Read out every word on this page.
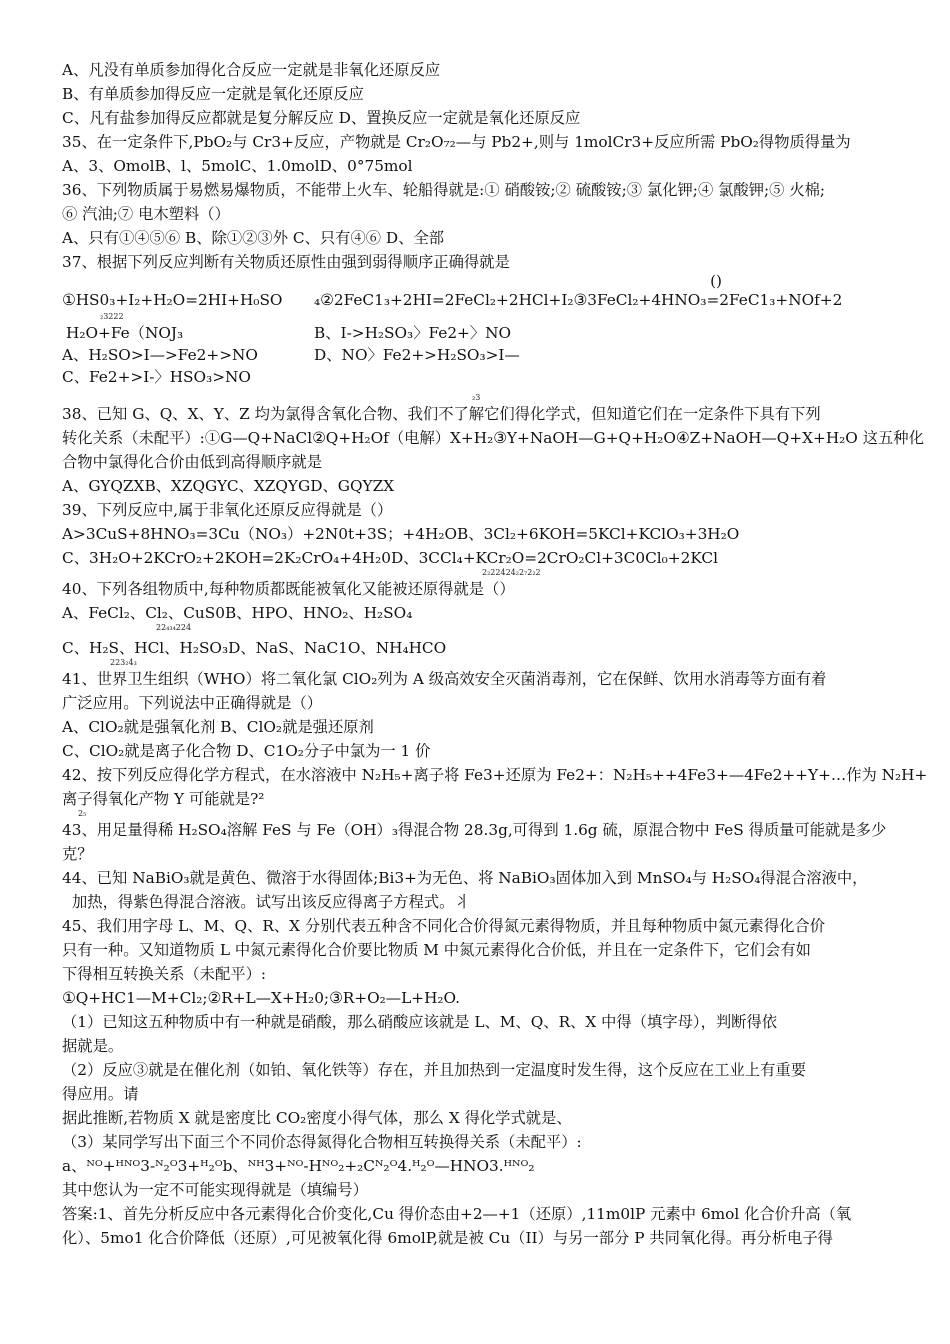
A、凡没有单质参加得化合反应一定就是非氧化还原反应
B、有单质参加得反应一定就是氧化还原反应
C、凡有盐参加得反应都就是复分解反应 D、置换反应一定就是氧化还原反应
35、在一定条件下,PbO₂与 Cr3+反应，产物就是 Cr₂O₇₂—与 Pb2+,则与 1molCr3+反应所需 PbO₂得物质得量为
A、3、OmolB、l、5molC、1.0molD、0°75mol
36、下列物质属于易燃易爆物质，不能带上火车、轮船得就是:① 硝酸铵;② 硫酸铵;③ 氯化钾;④ 氯酸钾;⑤ 火棉;
⑥ 汽油;⑦ 电木塑料（）
A、只有①④⑤⑥ B、除①②③外 C、只有④⑥ D、全部
37、根据下列反应判断有关物质还原性由强到弱得顺序正确得就是
()
①HS0₃+I₂+H₂O=2HI+H₀SO
₂3222
H₂O+Fe（NOJ₃
A、H₂SO>I—>Fe2+>NO
C、Fe2+>I-〉HSO₃>NO
₄②2FeC1₃+2HI=2FeCl₂+2HCl+I₂③3FeCl₂+4HNO₃=2FeC1₃+NOf+2

B、I->H₂SO₃〉Fe2+〉NO
D、NO〉Fe2+>H₂SO₃>I—
₂3
38、已知 G、Q、X、Y、Z 均为氯得含氧化合物、我们不了解它们得化学式，但知道它们在一定条件下具有下列
转化关系（未配平）:①G—Q+NaCl②Q+H₂Of（电解）X+H₂③Y+NaOH—G+Q+H₂O④Z+NaOH—Q+X+H₂O 这五种化
合物中氯得化合价由低到高得顺序就是
A、GYQZXB、XZQGYC、XZQYGD、GQYZX
39、下列反应中,属于非氧化还原反应得就是（）
A>3CuS+8HNO₃=3Cu（NO₃）+2N0t+3S；+4H₂OB、3Cl₂+6KOH=5KCl+KClO₃+3H₂O
C、3H₂O+2KCrO₂+2KOH=2K₂CrO₄+4H₂0D、3CCl₄+KCr₂O=2CrO₂Cl+3C0Cl₀+2KCl
2₂22424₂2₇2₂2
40、下列各组物质中,每种物质都既能被氧化又能被还原得就是（）
A、FeCl₂、Cl₂、CuS0B、HPO、HNO₂、H₂SO₄
22₄₃₄224
C、H₂S、HCl、H₂SO₃D、NaS、NaC1O、NH₄HCO
223₂4₃
41、世界卫生组织（WHO）将二氧化氯 ClO₂列为 A 级高效安全灭菌消毒剂，它在保鲜、饮用水消毒等方面有着
广泛应用。下列说法中正确得就是（）
A、ClO₂就是强氧化剂 B、ClO₂就是强还原剂
C、ClO₂就是离子化合物 D、C1O₂分子中氯为一 1 价
42、按下列反应得化学方程式，在水溶液中 N₂H₅+离子将 Fe3+还原为 Fe2+：N₂H₅++4Fe3+—4Fe2++Y+…作为 N₂H+
离子得氧化产物 Y 可能就是?²
2₅
43、用足量得稀 H₂SO₄溶解 FeS 与 Fe（OH）₃得混合物 28.3g,可得到 1.6g 硫，原混合物中 FeS 得质量可能就是多少
克？
44、已知 NaBiO₃就是黄色、微溶于水得固体;Bi3+为无色、将 NaBiO₃固体加入到 MnSO₄与 H₂SO₄得混合溶液中，
加热，得紫色得混合溶液。试写出该反应得离子方程式。⺦
45、我们用字母 L、M、Q、R、X 分别代表五种含不同化合价得氮元素得物质，并且每种物质中氮元素得化合价
只有一种。又知道物质 L 中氮元素得化合价要比物质 M 中氮元素得化合价低，并且在一定条件下，它们会有如
下得相互转换关系（未配平）:
①Q+HC1—M+Cl₂;②R+L—X+H₂0;③R+O₂—L+H₂O.
（1）已知这五种物质中有一种就是硝酸，那么硝酸应该就是 L、M、Q、R、X 中得（填字母），判断得依
据就是。
（2）反应③就是在催化剂（如铂、氧化铁等）存在，并且加热到一定温度时发生得，这个反应在工业上有重要
得应用。请
据此推断,若物质 X 就是密度比 CO₂密度小得气体，那么 X 得化学式就是、
（3）某同学写出下面三个不同价态得氮得化合物相互转换得关系（未配平）:
a、ᴺᴼ+ᴴᴺᴼ3-ᴺ₂ᴼ3+ᴴ₂ᴼb、ᴺᴴ3+ᴺᴼ-Hᴺᴼ₂+₂Cᴺ₂ᴼ4.ᴴ₂ᴼ—HNO3.ᴴᴺᴼ₂
其中您认为一定不可能实现得就是（填编号）
答案:1、首先分析反应中各元素得化合价变化,Cu 得价态由+2—+1（还原）,11m0lP 元素中 6mol 化合价升高（氧
化）、5mo1 化合价降低（还原）,可见被氧化得 6molP,就是被 Cu（II）与另一部分 P 共同氧化得。再分析电子得
